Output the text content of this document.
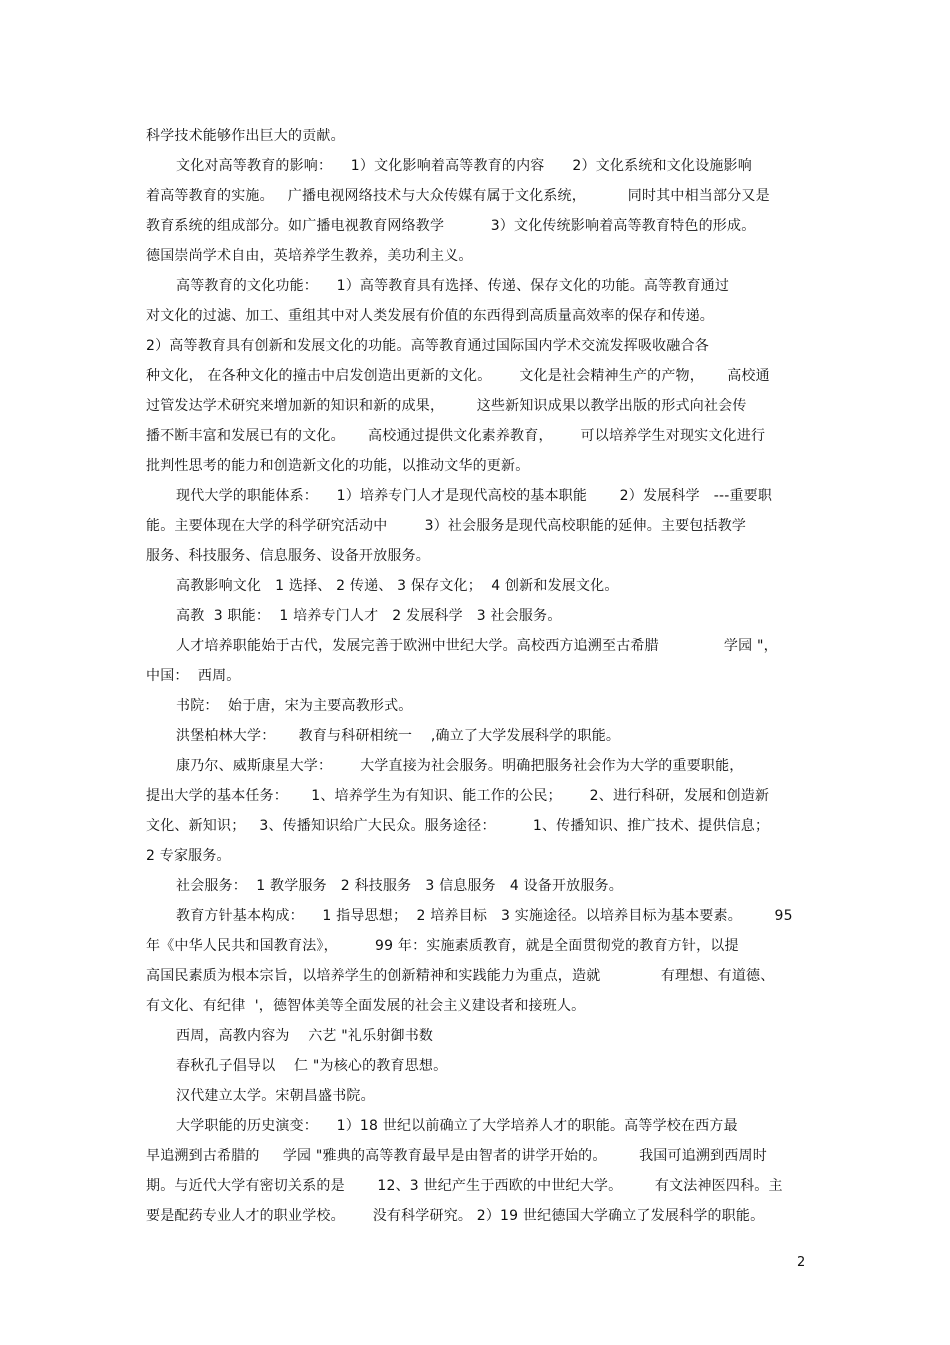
科学技术能够作出巨大的贡献。
文化对高等教育的影响：    1）文化影响着高等教育的内容      2）文化系统和文化设施影响
着高等教育的实施。   广播电视网络技术与大众传媒有属于文化系统，         同时其中相当部分又是
教育系统的组成部分。如广播电视教育网络教学          3）文化传统影响着高等教育特色的形成。
德国崇尚学术自由，英培养学生教养，美功利主义。
高等教育的文化功能：    1）高等教育具有选择、传递、保存文化的功能。高等教育通过
对文化的过滤、加工、重组其中对人类发展有价值的东西得到高质量高效率的保存和传递。
2）高等教育具有创新和发展文化的功能。高等教育通过国际国内学术交流发挥吸收融合各
种文化， 在各种文化的撞击中启发创造出更新的文化。      文化是社会精神生产的产物，     高校通
过管发达学术研究来增加新的知识和新的成果，       这些新知识成果以教学出版的形式向社会传
播不断丰富和发展已有的文化。     高校通过提供文化素养教育，      可以培养学生对现实文化进行
批判性思考的能力和创造新文化的功能，以推动文华的更新。
现代大学的职能体系：    1）培养专门人才是现代高校的基本职能       2）发展科学   ---重要职
能。主要体现在大学的科学研究活动中        3）社会服务是现代高校职能的延伸。主要包括教学
服务、科技服务、信息服务、设备开放服务。
高教影响文化   1 选择、 2 传递、 3 保存文化；  4 创新和发展文化。
高教  3 职能：  1 培养专门人才   2 发展科学   3 社会服务。
人才培养职能始于古代，发展完善于欧洲中世纪大学。高校西方追溯至古希腊              学园 "，
中国：  西周。
书院：  始于唐，宋为主要高教形式。
洪堡柏林大学：     教育与科研相统一    ,确立了大学发展科学的职能。
康乃尔、威斯康星大学：      大学直接为社会服务。明确把服务社会作为大学的重要职能，
提出大学的基本任务：     1、培养学生为有知识、能工作的公民；      2、进行科研，发展和创造新
文化、新知识；   3、传播知识给广大民众。服务途径：        1、传播知识、推广技术、提供信息；
2 专家服务。
社会服务：  1 教学服务   2 科技服务   3 信息服务   4 设备开放服务。
教育方针基本构成：    1 指导思想；  2 培养目标   3 实施途径。以培养目标为基本要素。       95
年《中华人民共和国教育法》，        99 年：实施素质教育，就是全面贯彻党的教育方针，以提
高国民素质为根本宗旨，以培养学生的创新精神和实践能力为重点，造就             有理想、有道德、
有文化、有纪律  '，德智体美等全面发展的社会主义建设者和接班人。
西周，高教内容为    六艺 "礼乐射御书数
春秋孔子倡导以    仁 "为核心的教育思想。
汉代建立太学。宋朝昌盛书院。
大学职能的历史演变：    1）18 世纪以前确立了大学培养人才的职能。高等学校在西方最
早追溯到古希腊的     学园 "雅典的高等教育最早是由智者的讲学开始的。       我国可追溯到西周时
期。与近代大学有密切关系的是       12、3 世纪产生于西欧的中世纪大学。       有文法神医四科。主
要是配药专业人才的职业学校。      没有科学研究。 2）19 世纪德国大学确立了发展科学的职能。
2
